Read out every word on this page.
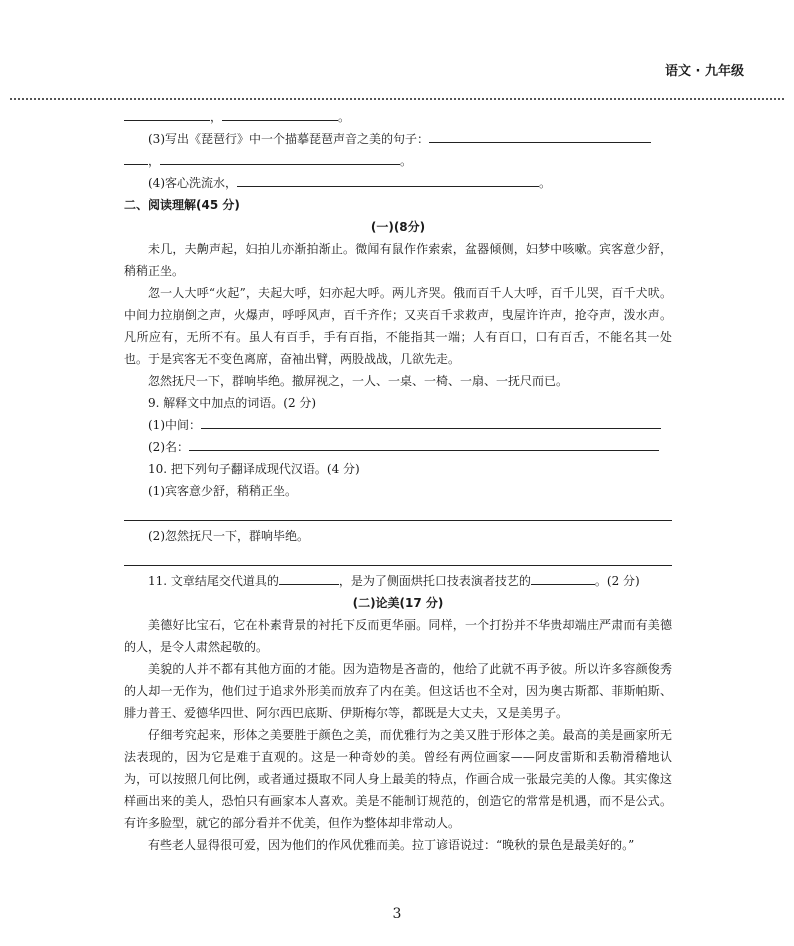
语文 · 九年级
，	。
(3)写出《琵琶行》中一个描摹琵琶声音之美的句子：
，	。
(4)客心洗流水，	。
二、阅读理解(45 分)
(一)(8分)
未几，夫齁声起，妇拍儿亦渐拍渐止。微闻有鼠作作索索，盆器倾侧，妇梦中咳嗽。宾客意少舒，稍稍正坐。
忽一人大呼“火起”，夫起大呼，妇亦起大呼。两儿齐哭。俄而百千人大呼，百千儿哭，百千犬吠。中间力拉崩倒之声，火爆声，呼呼风声，百千齐作；又夹百千求救声，曳屋许许声，抢夺声，泼水声。凡所应有，无所不有。虽人有百手，手有百指，不能指其一端；人有百口，口有百舌，不能名其一处也。于是宾客无不变色离席，奋袖出臂，两股战战，几欲先走。
忽然抚尺一下，群响毕绝。撤屏视之，一人、一桌、一椅、一扇、一抚尺而已。
9. 解释文中加点的词语。(2 分)
(1)中间：
(2)名：
10. 把下列句子翻译成现代汉语。(4 分)
(1)宾客意少舒，稍稍正坐。
(2)忽然抚尺一下，群响毕绝。
11. 文章结尾交代道具的	，是为了侧面烘托口技表演者技艺的	。(2 分)
(二)论美(17 分)
美德好比宝石，它在朴素背景的衬托下反而更华丽。同样，一个打扮并不华贵却端庄严肃而有美德的人，是令人肃然起敬的。
美貌的人并不都有其他方面的才能。因为造物是吝啬的，他给了此就不再予彼。所以许多容颜俊秀的人却一无作为，他们过于追求外形美而放弃了内在美。但这话也不全对，因为奥古斯都、菲斯帕斯、腓力普王、爱德华四世、阿尔西巴底斯、伊斯梅尔等，都既是大丈夫，又是美男子。
仔细考究起来，形体之美要胜于颜色之美，而优雅行为之美又胜于形体之美。最高的美是画家所无法表现的，因为它是难于直观的。这是一种奇妙的美。曾经有两位画家——阿皮雷斯和丢勒滑稽地认为，可以按照几何比例，或者通过摄取不同人身上最美的特点，作画合成一张最完美的人像。其实像这样画出来的美人，恐怕只有画家本人喜欢。美是不能制订规范的，创造它的常常是机遇，而不是公式。有许多脸型，就它的部分看并不优美，但作为整体却非常动人。
有些老人显得很可爱，因为他们的作风优雅而美。拉丁谚语说过：“晚秋的景色是最美好的。”
3
